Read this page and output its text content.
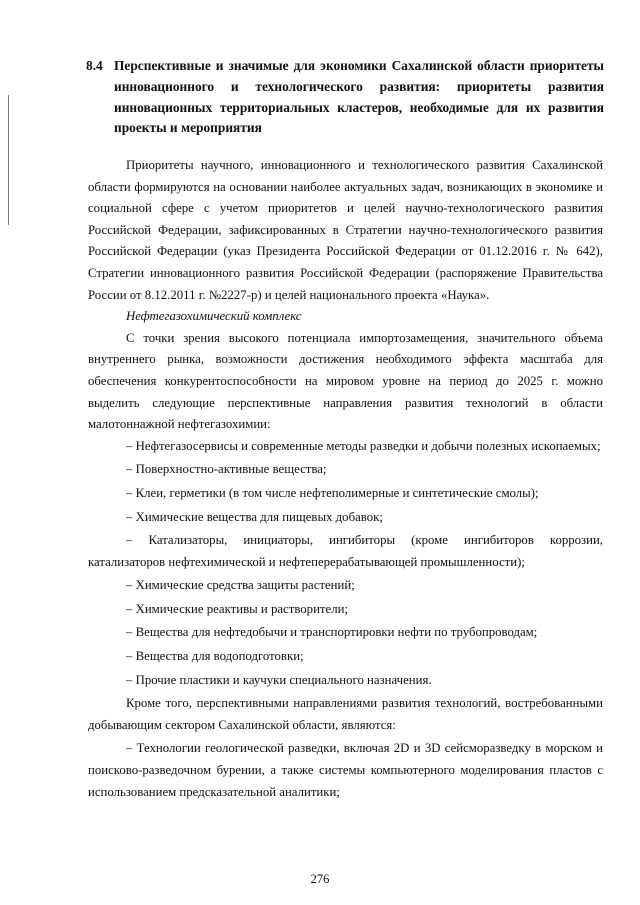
8.4 Перспективные и значимые для экономики Сахалинской области приоритеты инновационного и технологического развития: приоритеты развития инновационных территориальных кластеров, необходимые для их развития проекты и мероприятия

Приоритеты научного, инновационного и технологического развития Сахалинской области формируются на основании наиболее актуальных задач, возникающих в экономике и социальной сфере с учетом приоритетов и целей научно-технологического развития Российской Федерации, зафиксированных в Стратегии научно-технологического развития Российской Федерации (указ Президента Российской Федерации от 01.12.2016 г. № 642), Стратегии инновационного развития Российской Федерации (распоряжение Правительства России от 8.12.2011 г. №2227-р) и целей национального проекта «Наука».

Нефтегазохимический комплекс

С точки зрения высокого потенциала импортозамещения, значительного объема внутреннего рынка, возможности достижения необходимого эффекта масштаба для обеспечения конкурентоспособности на мировом уровне на период до 2025 г. можно выделить следующие перспективные направления развития технологий в области малотоннажной нефтегазохимии:

– Нефтегазосервисы и современные методы разведки и добычи полезных ископаемых;

– Поверхностно-активные вещества;

– Клеи, герметики (в том числе нефтеполимерные и синтетические смолы);

– Химические вещества для пищевых добавок;

– Катализаторы, инициаторы, ингибиторы (кроме ингибиторов коррозии, катализаторов нефтехимической и нефтеперерабатывающей промышленности);

– Химические средства защиты растений;

– Химические реактивы и растворители;

– Вещества для нефтедобычи и транспортировки нефти по трубопроводам;

– Вещества для водоподготовки;

– Прочие пластики и каучуки специального назначения.

Кроме того, перспективными направлениями развития технологий, востребованными добывающим сектором Сахалинской области, являются:

– Технологии геологической разведки, включая 2D и 3D сейсморазведку в морском и поисково-разведочном бурении, а также системы компьютерного моделирования пластов с использованием предсказательной аналитики;

276
